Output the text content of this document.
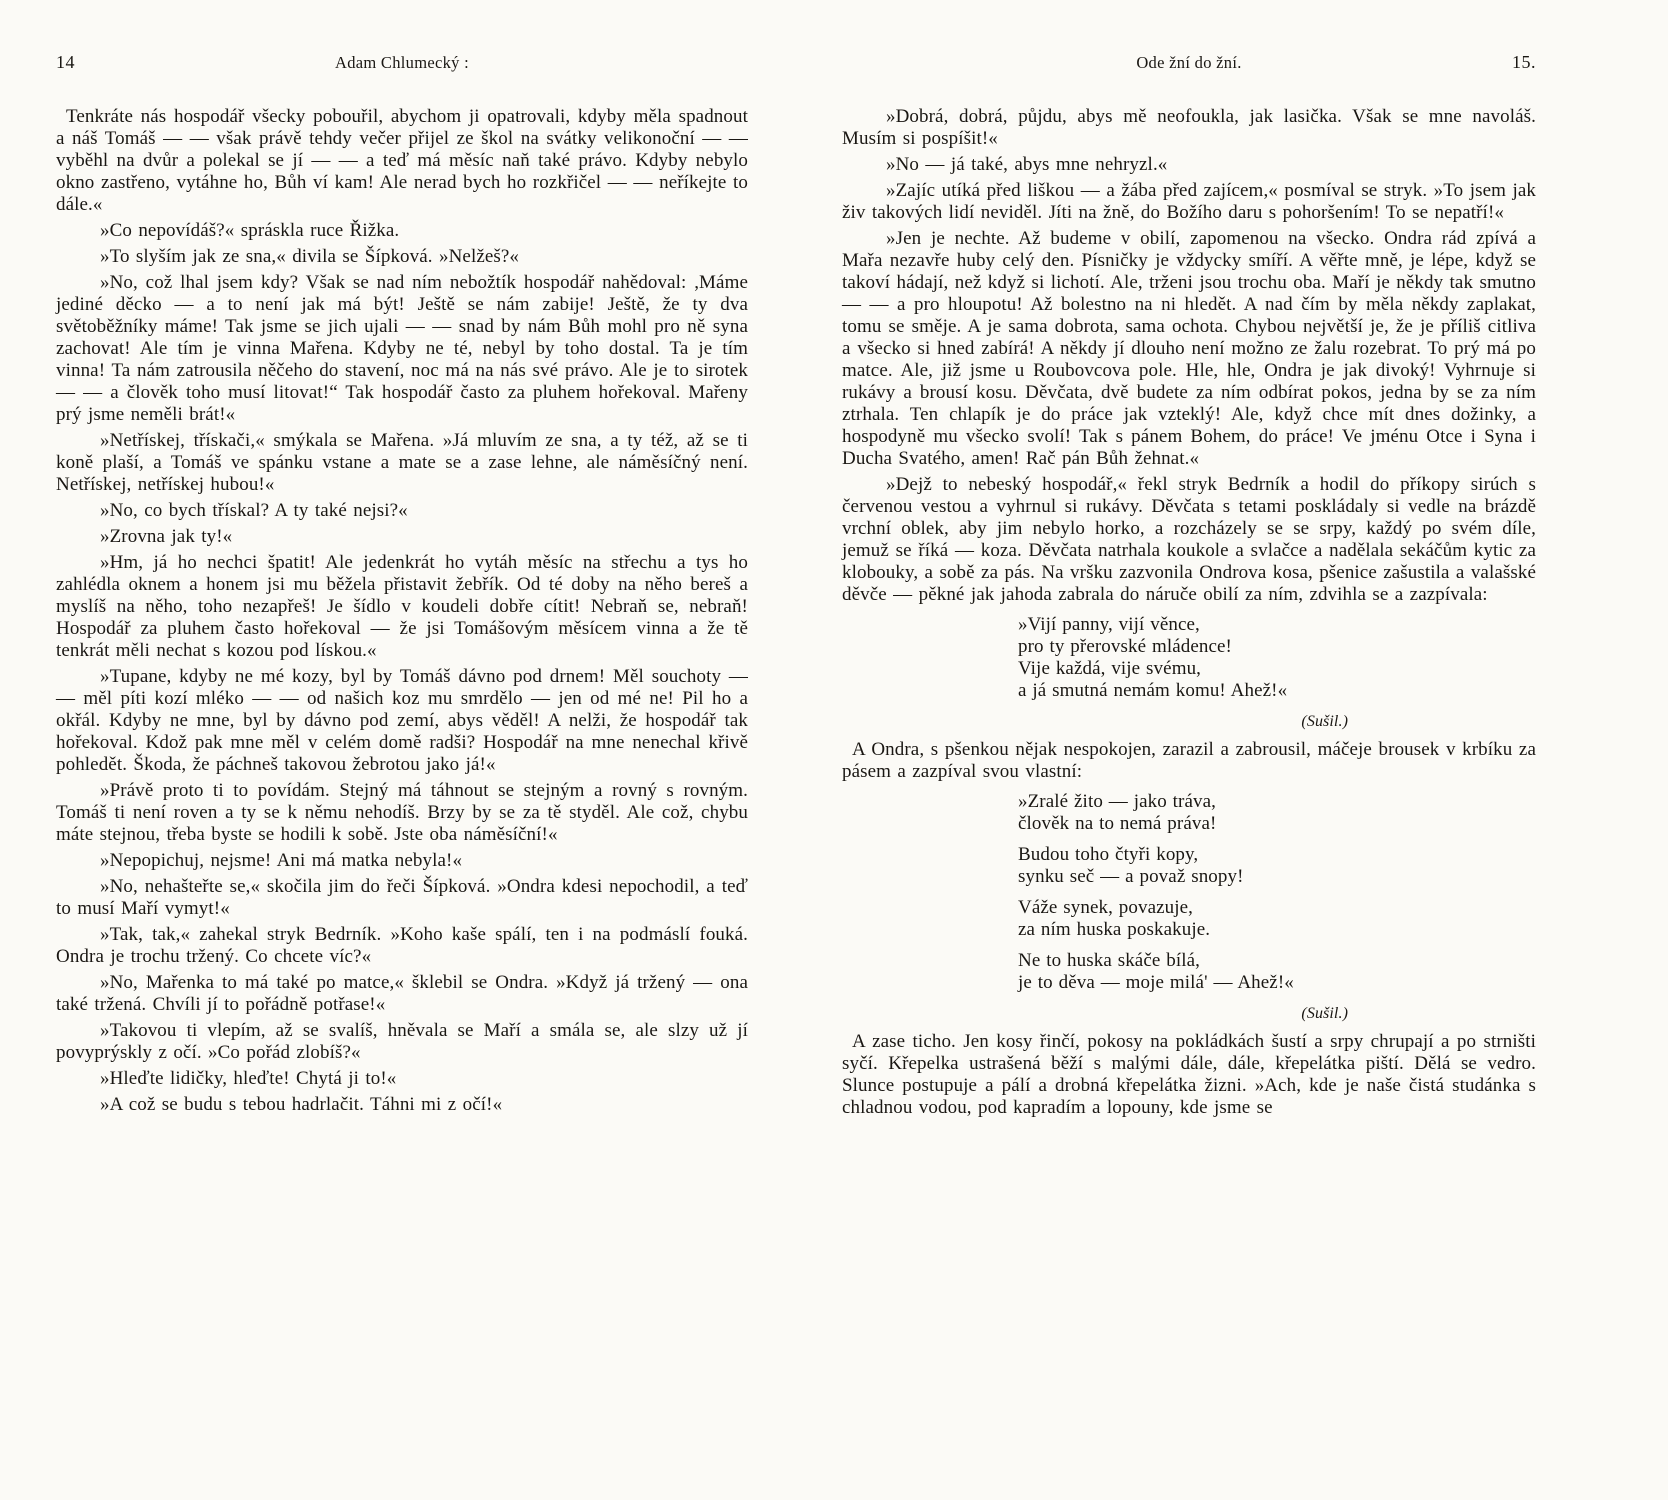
14	Adam Chlumecký :

Tenkráte nás hospodář všecky pobouřil, abychom ji opatrovali, kdyby měla spadnout a náš Tomáš — — však právě tehdy večer přijel ze škol na svátky velikonoční — — vyběhl na dvůr a polekal se jí — — a teď má měsíc naň také právo. Kdyby nebylo okno zastřeno, vytáhne ho, Bůh ví kam! Ale nerad bych ho rozkřičel — — neříkejte to dále.«

»Co nepovídáš?« spráskla ruce Řižka.

»To slyším jak ze sna,« divila se Šípková. »Nelžeš?«

»No, což lhal jsem kdy? Však se nad ním nebožtík hospodář nahědoval: ,Máme jediné děcko — a to není jak má být! Ještě se nám zabije! Ještě, že ty dva světoběžníky máme! Tak jsme se jich ujali — — snad by nám Bůh mohl pro ně syna zachovat! Ale tím je vinna Mařena. Kdyby ne té, nebyl by toho dostal. Ta je tím vinna! Ta nám zatrousila něčeho do stavení, noc má na nás své právo. Ale je to sirotek — — a člověk toho musí litovat!“ Tak hospodář často za pluhem hořekoval. Mařeny prý jsme neměli brát!«

»Netřískej, třískači,« smýkala se Mařena. »Já mluvím ze sna, a ty též, až se ti koně plaší, a Tomáš ve spánku vstane a mate se a zase lehne, ale náměsíčný není. Netřískej, netřískej hubou!«

»No, co bych třískal? A ty také nejsi?«

»Zrovna jak ty!«

»Hm, já ho nechci špatit! Ale jedenkrát ho vytáh měsíc na střechu a tys ho zahlédla oknem a honem jsi mu běžela přistavit žebřík. Od té doby na něho bereš a myslíš na něho, toho nezapřeš! Je šídlo v koudeli dobře cítit! Nebraň se, nebraň! Hospodář za pluhem často hořekoval — že jsi Tomášovým měsícem vinna a že tě tenkrát měli nechat s kozou pod lískou.«

»Tupane, kdyby ne mé kozy, byl by Tomáš dávno pod drnem! Měl souchoty — — měl píti kozí mléko — — od našich koz mu smrdělo — jen od mé ne! Pil ho a okřál. Kdyby ne mne, byl by dávno pod zemí, abys věděl! A nelži, že hospodář tak hořekoval. Kdož pak mne měl v celém domě radši? Hospodář na mne nenechal křivě pohledět. Škoda, že páchneš takovou žebrotou jako já!«

»Právě proto ti to povídám. Stejný má táhnout se stejným a rovný s rovným. Tomáš ti není roven a ty se k němu nehodíš. Brzy by se za tě styděl. Ale což, chybu máte stejnou, třeba byste se hodili k sobě. Jste oba náměsíční!«

»Nepopichuj, nejsme! Ani má matka nebyla!«

»No, nehašteřte se,« skočila jim do řeči Šípková. »Ondra kdesi nepochodil, a teď to musí Maří vymyt!«

»Tak, tak,« zahekal stryk Bedrník. »Koho kaše spálí, ten i na podmáslí fouká. Ondra je trochu tržený. Co chcete víc?«

»No, Mařenka to má také po matce,« šklebil se Ondra. »Když já tržený — ona také tržená. Chvíli jí to pořádně potřase!«

»Takovou ti vlepím, až se svalíš, hněvala se Maří a smála se, ale slzy už jí povyprýskly z očí. »Co pořád zlobíš?«

»Hleďte lidičky, hleďte! Chytá ji to!«

»A což se budu s tebou hadrlačit. Táhni mi z očí!«

Ode žní do žní.	15.

»Dobrá, dobrá, půjdu, abys mě neofoukla, jak lasička. Však se mne navoláš. Musím si pospíšit!«

»No — já také, abys mne nehryzl.«

»Zajíc utíká před liškou — a žába před zajícem,« posmíval se stryk. »To jsem jak živ takových lidí neviděl. Jíti na žně, do Božího daru s pohoršením! To se nepatří!«

»Jen je nechte. Až budeme v obilí, zapomenou na všecko. Ondra rád zpívá a Mařa nezavře huby celý den. Písničky je vždycky smíří. A věřte mně, je lépe, když se takoví hádají, než když si lichotí. Ale, trženi jsou trochu oba. Maří je někdy tak smutno — — a pro hloupotu! Až bolestno na ni hledět. A nad čím by měla někdy zaplakat, tomu se směje. A je sama dobrota, sama ochota. Chybou největší je, že je příliš citliva a všecko si hned zabírá! A někdy jí dlouho není možno ze žalu rozebrat. To prý má po matce. Ale, již jsme u Roubovcova pole. Hle, hle, Ondra je jak divoký! Vyhrnuje si rukávy a brousí kosu. Děvčata, dvě budete za ním odbírat pokos, jedna by se za ním ztrhala. Ten chlapík je do práce jak vzteklý! Ale, když chce mít dnes dožinky, a hospodyně mu všecko svolí! Tak s pánem Bohem, do práce! Ve jménu Otce i Syna i Ducha Svatého, amen! Rač pán Bůh žehnat.«

»Dejž to nebeský hospodář,« řekl stryk Bedrník a hodil do příkopy sirúch s červenou vestou a vyhrnul si rukávy. Děvčata s tetami poskládaly si vedle na brázdě vrchní oblek, aby jim nebylo horko, a rozcházely se se srpy, každý po svém díle, jemuž se říká — koza. Děvčata natrhala koukole a svlačce a nadělala sekáčům kytic za klobouky, a sobě za pás. Na vršku zazvonila Ondrova kosa, pšenice zašustila a valašské děvče — pěkné jak jahoda zabrala do náruče obilí za ním, zdvihla se a zazpívala:

»Vijí panny, vijí věnce,
pro ty přerovské mládence!
Vije každá, vije svému,
a já smutná nemám komu! Ahež!«
(Sušil.)

A Ondra, s pšenkou nějak nespokojen, zarazil a zabrousil, máčeje brousek v krbíku za pásem a zazpíval svou vlastní:

»Zralé žito — jako tráva,
člověk na to nemá práva!
Budou toho čtyři kopy,
synku seč — a považ snopy!
Váže synek, povazuje,
za ním huska poskakuje.
Ne to huska skáče bílá,
je to děva — moje milá' — Ahež!«
(Sušil.)

A zase ticho. Jen kosy řinčí, pokosy na pokládkách šustí a srpy chrupají a po strništi syčí. Křepelka ustrašená běží s malými dále, dále, křepelátka piští. Dělá se vedro. Slunce postupuje a pálí a drobná křepelátka žizni. »Ach, kde je naše čistá studánka s chladnou vodou, pod kapradím a lopouny, kde jsme se
